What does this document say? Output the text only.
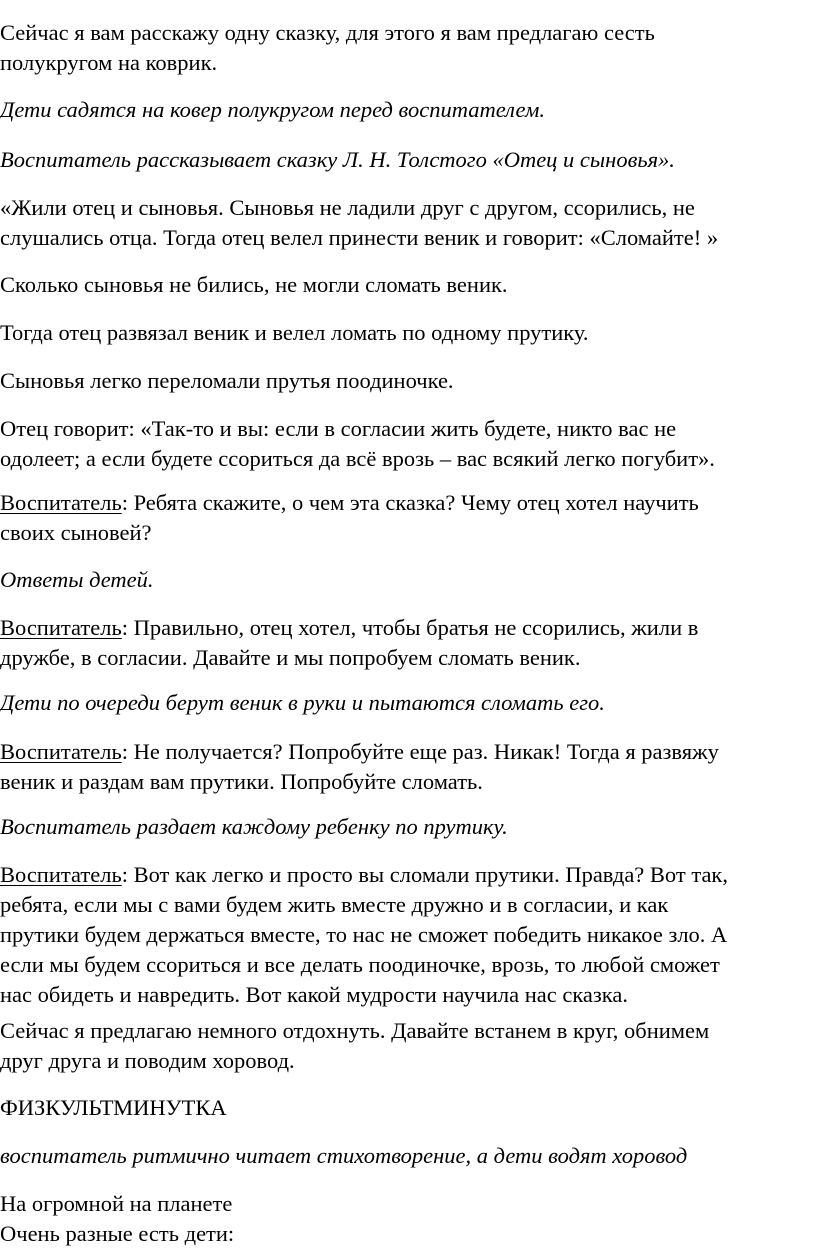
Сейчас я вам расскажу одну сказку, для этого я вам предлагаю сесть
полукругом на коврик.

Дети садятся на ковер полукругом перед воспитателем.

Воспитатель рассказывает сказку Л. Н. Толстого «Отец и сыновья».

«Жили отец и сыновья. Сыновья не ладили друг с другом, ссорились, не
слушались отца. Тогда отец велел принести веник и говорит: «Сломайте! »

Сколько сыновья не бились, не могли сломать веник.

Тогда отец развязал веник и велел ломать по одному прутику.

Сыновья легко переломали прутья поодиночке.

Отец говорит: «Так-то и вы: если в согласии жить будете, никто вас не
одолеет; а если будете ссориться да всё врозь – вас всякий легко погубит».

Воспитатель: Ребята скажите, о чем эта сказка? Чему отец хотел научить
своих сыновей?

Ответы детей.

Воспитатель: Правильно, отец хотел, чтобы братья не ссорились, жили в
дружбе, в согласии. Давайте и мы попробуем сломать веник.

Дети по очереди берут веник в руки и пытаются сломать его.

Воспитатель: Не получается? Попробуйте еще раз. Никак! Тогда я развяжу
веник и раздам вам прутики. Попробуйте сломать.

Воспитатель раздает каждому ребенку по прутику.

Воспитатель: Вот как легко и просто вы сломали прутики. Правда? Вот так,
ребята, если мы с вами будем жить вместе дружно и в согласии, и как
прутики будем держаться вместе, то нас не сможет победить никакое зло. А
если мы будем ссориться и все делать поодиночке, врозь, то любой сможет
нас обидеть и навредить. Вот какой мудрости научила нас сказка.

Сейчас я предлагаю немного отдохнуть. Давайте встанем в круг, обнимем
друг друга и поводим хоровод.

ФИЗКУЛЬТМИНУТКА

воспитатель ритмично читает стихотворение, а дети водят хоровод

На огромной на планете
Очень разные есть дети:
